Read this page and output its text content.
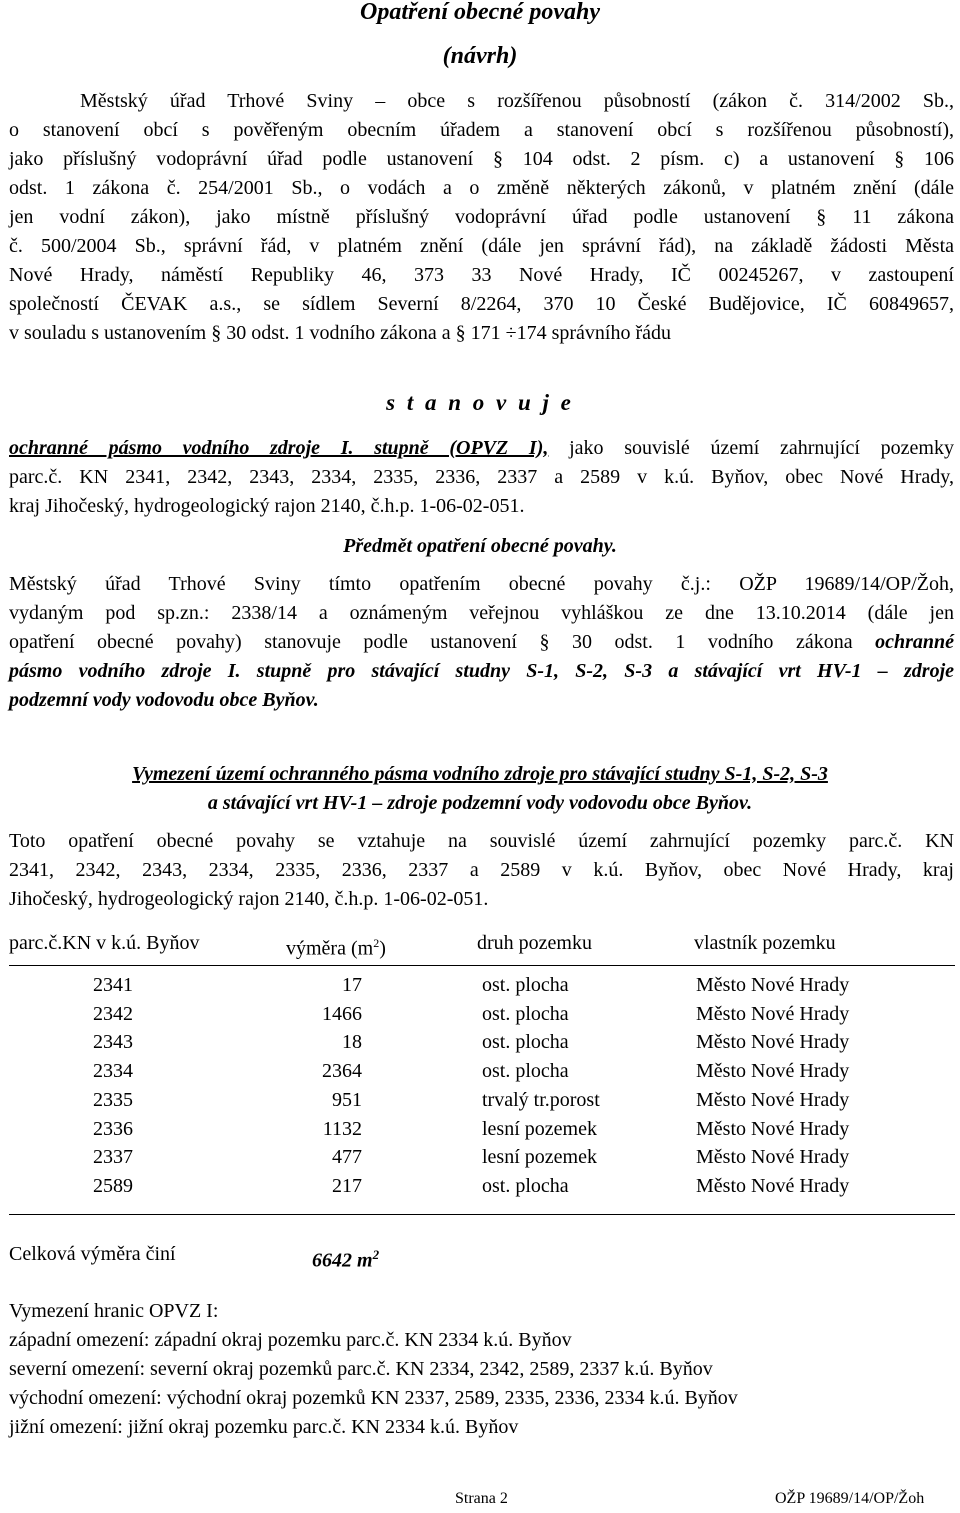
Opatření obecné povahy
(návrh)
Městský úřad Trhové Sviny – obce s rozšířenou působností (zákon č. 314/2002 Sb.,
o stanovení obcí s pověřeným obecním úřadem a stanovení obcí s rozšířenou působností),
jako příslušný vodoprávní úřad podle ustanovení § 104 odst. 2 písm. c) a ustanovení § 106
odst. 1 zákona č. 254/2001 Sb., o vodách a o změně některých zákonů, v platném znění (dále
jen vodní zákon), jako místně příslušný vodoprávní úřad podle ustanovení § 11 zákona
č. 500/2004 Sb., správní řád, v platném znění (dále jen správní řád), na základě žádosti Města
Nové Hrady, náměstí Republiky 46, 373 33 Nové Hrady, IČ 00245267, v zastoupení
společností ČEVAK a.s., se sídlem Severní 8/2264, 370 10 České Budějovice, IČ 60849657,
v souladu s ustanovením § 30 odst. 1 vodního zákona a § 171 ÷174 správního řádu
s t a n o v u j e
ochranné pásmo vodního zdroje I. stupně (OPVZ I), jako souvislé území zahrnující pozemky
parc.č. KN 2341, 2342, 2343, 2334, 2335, 2336, 2337 a 2589 v k.ú. Byňov, obec Nové Hrady,
kraj Jihočeský, hydrogeologický rajon 2140, č.h.p. 1-06-02-051.
Předmět opatření obecné povahy.
Městský úřad Trhové Sviny tímto opatřením obecné povahy č.j.: OŽP 19689/14/OP/Žoh,
vydaným pod sp.zn.: 2338/14 a oznámeným veřejnou vyhláškou ze dne 13.10.2014 (dále jen
opatření obecné povahy) stanovuje podle ustanovení § 30 odst. 1 vodního zákona ochranné
pásmo vodního zdroje I. stupně pro stávající studny S-1, S-2, S-3 a stávající vrt HV-1 – zdroje
podzemní vody vodovodu obce Byňov.
Vymezení území ochranného pásma vodního zdroje pro stávající studny S-1, S-2, S-3
a stávající vrt HV-1 – zdroje podzemní vody vodovodu obce Byňov.
Toto opatření obecné povahy se vztahuje na souvislé území zahrnující pozemky parc.č. KN
2341, 2342, 2343, 2334, 2335, 2336, 2337 a 2589 v k.ú. Byňov, obec Nové Hrady, kraj
Jihočeský, hydrogeologický rajon 2140, č.h.p. 1-06-02-051.
parc.č.KN v k.ú. Byňov	výměra $(m^2)$	druh pozemku	vlastník pozemku
2341	17	ost. plocha	Město Nové Hrady
2342	1466	ost. plocha	Město Nové Hrady
2343	18	ost. plocha	Město Nové Hrady
2334	2364	ost. plocha	Město Nové Hrady
2335	951	trvalý tr.porost	Město Nové Hrady
2336	1132	lesní pozemek	Město Nové Hrady
2337	477	lesní pozemek	Město Nové Hrady
2589	217	ost. plocha	Město Nové Hrady
Celková výměra činí	6642 $m^2$
Vymezení hranic OPVZ I:
západní omezení: západní okraj pozemku parc.č. KN 2334 k.ú. Byňov
severní omezení: severní okraj pozemků parc.č. KN 2334, 2342, 2589, 2337 k.ú. Byňov
východní omezení: východní okraj pozemků KN 2337, 2589, 2335, 2336, 2334 k.ú. Byňov
jižní omezení: jižní okraj pozemku parc.č. KN 2334 k.ú. Byňov
Strana 2	OŽP 19689/14/OP/Žoh
